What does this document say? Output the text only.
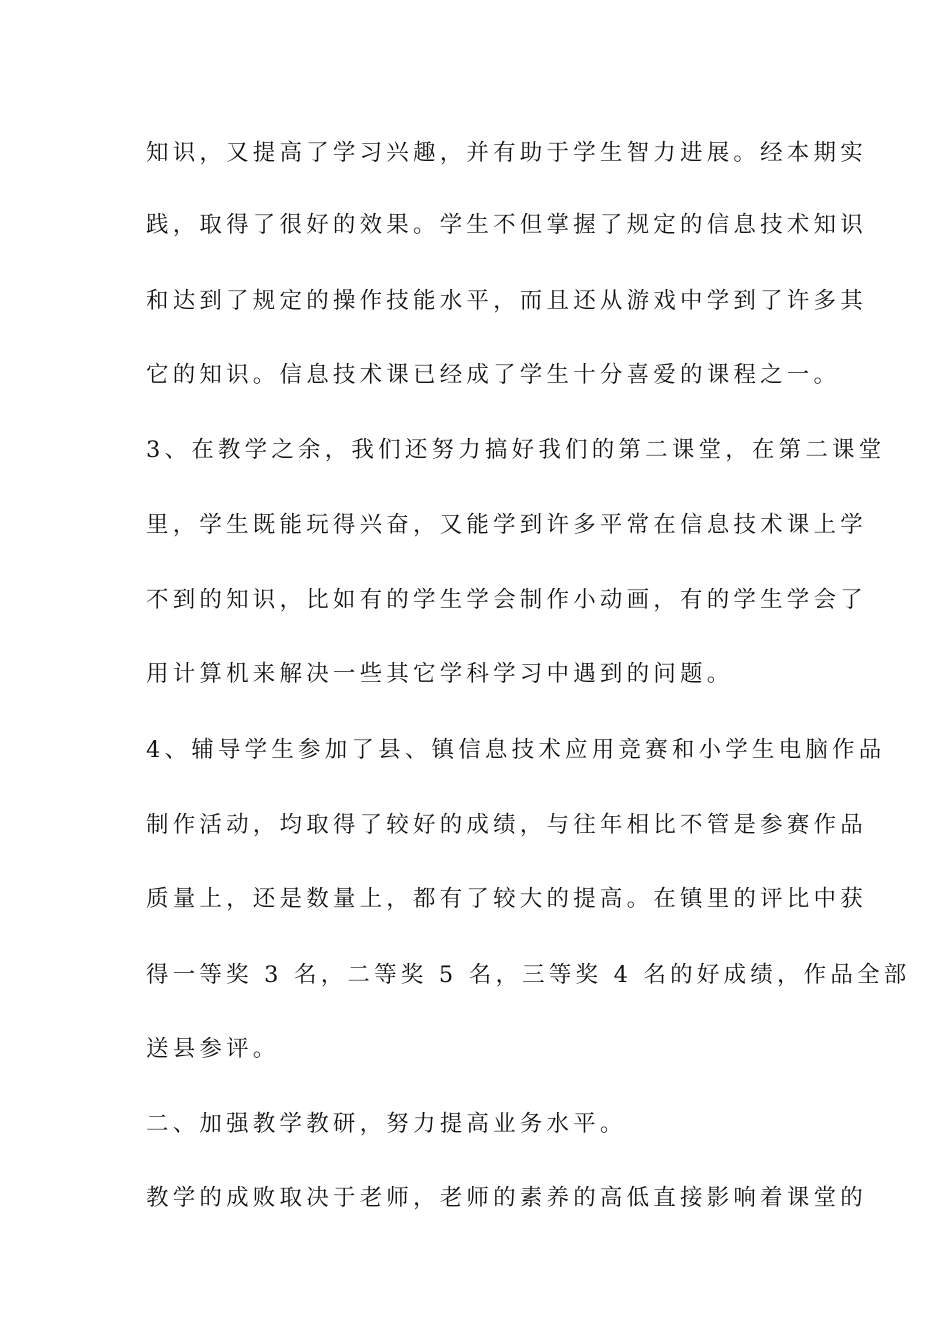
知识，又提高了学习兴趣，并有助于学生智力进展。经本期实
践，取得了很好的效果。学生不但掌握了规定的信息技术知识
和达到了规定的操作技能水平，而且还从游戏中学到了许多其
它的知识。信息技术课已经成了学生十分喜爱的课程之一。
3、在教学之余，我们还努力搞好我们的第二课堂，在第二课堂
里，学生既能玩得兴奋，又能学到许多平常在信息技术课上学
不到的知识，比如有的学生学会制作小动画，有的学生学会了
用计算机来解决一些其它学科学习中遇到的问题。
4、辅导学生参加了县、镇信息技术应用竞赛和小学生电脑作品
制作活动，均取得了较好的成绩，与往年相比不管是参赛作品
质量上，还是数量上，都有了较大的提高。在镇里的评比中获
得一等奖 3 名，二等奖 5 名，三等奖 4 名的好成绩，作品全部
送县参评。
二、加强教学教研，努力提高业务水平。
教学的成败取决于老师，老师的素养的高低直接影响着课堂的
